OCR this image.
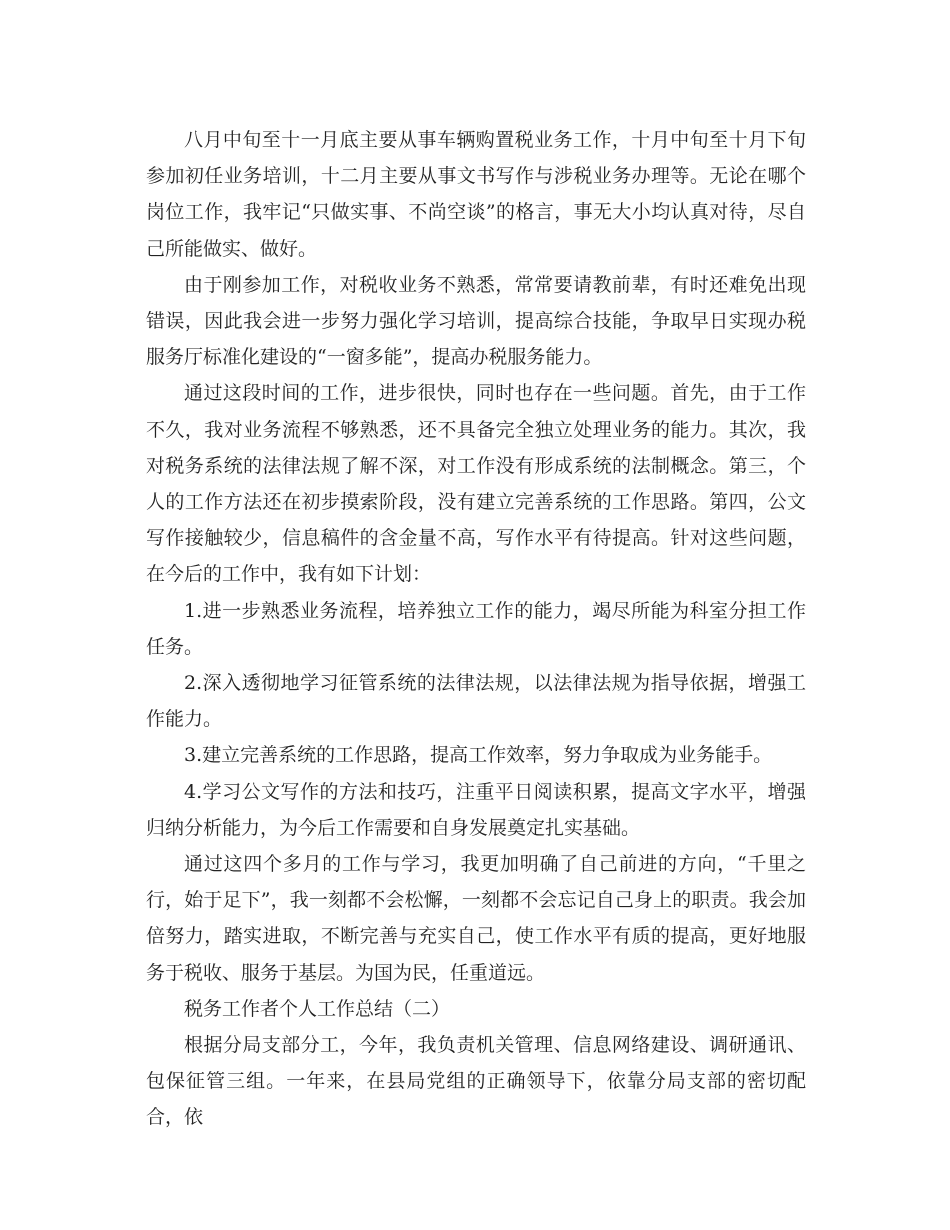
八月中旬至十一月底主要从事车辆购置税业务工作，十月中旬至十月下旬参加初任业务培训，十二月主要从事文书写作与涉税业务办理等。无论在哪个岗位工作，我牢记“只做实事、不尚空谈”的格言，事无大小均认真对待，尽自己所能做实、做好。

由于刚参加工作，对税收业务不熟悉，常常要请教前辈，有时还难免出现错误，因此我会进一步努力强化学习培训，提高综合技能，争取早日实现办税服务厅标准化建设的“一窗多能”，提高办税服务能力。

通过这段时间的工作，进步很快，同时也存在一些问题。首先，由于工作不久，我对业务流程不够熟悉，还不具备完全独立处理业务的能力。其次，我对税务系统的法律法规了解不深，对工作没有形成系统的法制概念。第三，个人的工作方法还在初步摸索阶段，没有建立完善系统的工作思路。第四，公文写作接触较少，信息稿件的含金量不高，写作水平有待提高。针对这些问题，在今后的工作中，我有如下计划：

1.进一步熟悉业务流程，培养独立工作的能力，竭尽所能为科室分担工作任务。

2.深入透彻地学习征管系统的法律法规，以法律法规为指导依据，增强工作能力。

3.建立完善系统的工作思路，提高工作效率，努力争取成为业务能手。

4.学习公文写作的方法和技巧，注重平日阅读积累，提高文字水平，增强归纳分析能力，为今后工作需要和自身发展奠定扎实基础。

通过这四个多月的工作与学习，我更加明确了自己前进的方向，“千里之行，始于足下”，我一刻都不会松懈，一刻都不会忘记自己身上的职责。我会加倍努力，踏实进取，不断完善与充实自己，使工作水平有质的提高，更好地服务于税收、服务于基层。为国为民，任重道远。

税务工作者个人工作总结（二）

根据分局支部分工，今年，我负责机关管理、信息网络建设、调研通讯、包保征管三组。一年来，在县局党组的正确领导下，依靠分局支部的密切配合，依
